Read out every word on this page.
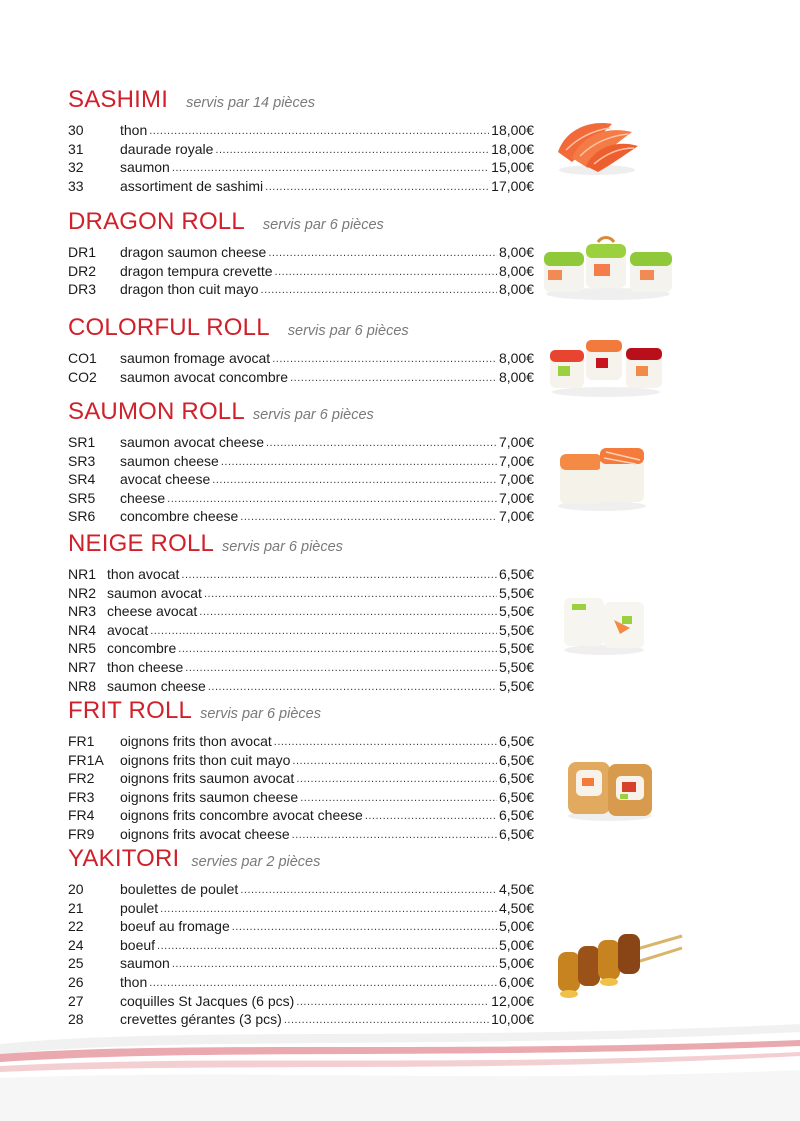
SASHIMI servis par 14 pièces
30	thon .....	18,00€
31	daurade royale .....	18,00€
32	saumon .....	15,00€
33	assortiment de sashimi .....	17,00€
DRAGON ROLL servis par 6 pièces
DR1	dragon saumon cheese .....	8,00€
DR2	dragon tempura crevette .....	8,00€
DR3	dragon thon cuit mayo .....	8,00€
COLORFUL ROLL servis par 6 pièces
CO1	saumon fromage avocat .....	8,00€
CO2	saumon avocat concombre .....	8,00€
SAUMON ROLL servis par 6 pièces
SR1	saumon avocat cheese .....	7,00€
SR3	saumon cheese .....	7,00€
SR4	avocat cheese .....	7,00€
SR5	cheese .....	7,00€
SR6	concombre cheese .....	7,00€
NEIGE ROLL servis par 6 pièces
NR1 thon avocat .....	6,50€
NR2 saumon avocat .....	5,50€
NR3 cheese avocat .....	5,50€
NR4 avocat .....	5,50€
NR5 concombre .....	5,50€
NR7 thon cheese .....	5,50€
NR8 saumon cheese .....	5,50€
FRIT ROLL servis par 6 pièces
FR1	oignons frits thon avocat .....	6,50€
FR1A	oignons frits thon cuit mayo .....	6,50€
FR2	oignons frits saumon avocat .....	6,50€
FR3	oignons frits saumon cheese .....	6,50€
FR4	oignons frits concombre avocat cheese .....	6,50€
FR9	oignons frits avocat cheese .....	6,50€
YAKITORI servies par 2 pièces
20	boulettes de poulet .....	4,50€
21	poulet .....	4,50€
22	boeuf au fromage .....	5,00€
24	boeuf .....	5,00€
25	saumon .....	5,00€
26	thon .....	6,00€
27	coquilles St Jacques (6 pcs) .....	12,00€
28	crevettes gérantes (3 pcs) .....	10,00€
